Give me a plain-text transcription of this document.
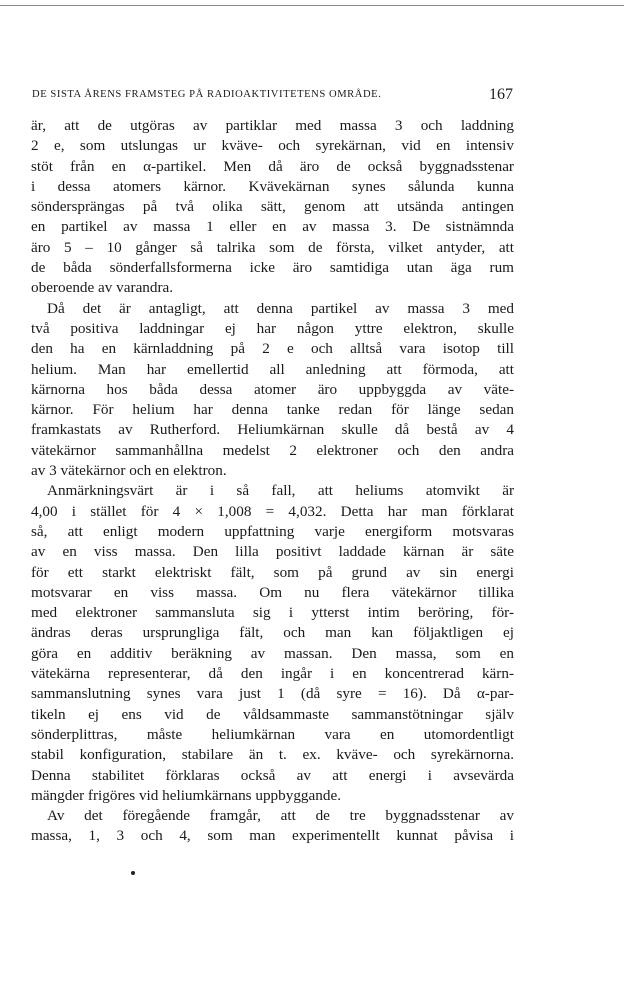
DE SISTA ÅRENS FRAMSTEG PÅ RADIOAKTIVITETENS OMRÅDE.	167
är, att de utgöras av partiklar med massa 3 och laddning
2 e, som utslungas ur kväve- och syrekärnan, vid en intensiv
stöt från en α-partikel. Men då äro de också byggnadsstenar
i dessa atomers kärnor. Kvävekärnan synes sålunda kunna
söndersprängas på två olika sätt, genom att utsända antingen
en partikel av massa 1 eller en av massa 3. De sistnämnda
äro 5 – 10 gånger så talrika som de första, vilket antyder, att
de båda sönderfallsformerna icke äro samtidiga utan äga rum
oberoende av varandra.
Då det är antagligt, att denna partikel av massa 3 med
två positiva laddningar ej har någon yttre elektron, skulle
den ha en kärnladdning på 2 e och alltså vara isotop till
helium. Man har emellertid all anledning att förmoda, att
kärnorna hos båda dessa atomer äro uppbyggda av väte-
kärnor. För helium har denna tanke redan för länge sedan
framkastats av Rutherford. Heliumkärnan skulle då bestå av 4
vätekärnor sammanhållna medelst 2 elektroner och den andra
av 3 vätekärnor och en elektron.
Anmärkningsvärt är i så fall, att heliums atomvikt är
4,00 i stället för 4 × 1,008 = 4,032. Detta har man förklarat
så, att enligt modern uppfattning varje energiform motsvaras
av en viss massa. Den lilla positivt laddade kärnan är säte
för ett starkt elektriskt fält, som på grund av sin energi
motsvarar en viss massa. Om nu flera vätekärnor tillika
med elektroner sammansluta sig i ytterst intim beröring, för-
ändras deras ursprungliga fält, och man kan följaktligen ej
göra en additiv beräkning av massan. Den massa, som en
vätekärna representerar, då den ingår i en koncentrerad kärn-
sammanslutning synes vara just 1 (då syre = 16). Då α-par-
tikeln ej ens vid de våldsammaste sammanstötningar själv
sönderplittras, måste heliumkärnan vara en utomordentligt
stabil konfiguration, stabilare än t. ex. kväve- och syrekärnorna.
Denna stabilitet förklaras också av att energi i avsevärda
mängder frigöres vid heliumkärnans uppbyggande.
Av det föregående framgår, att de tre byggnadsstenar av
massa, 1, 3 och 4, som man experimentellt kunnat påvisa i
